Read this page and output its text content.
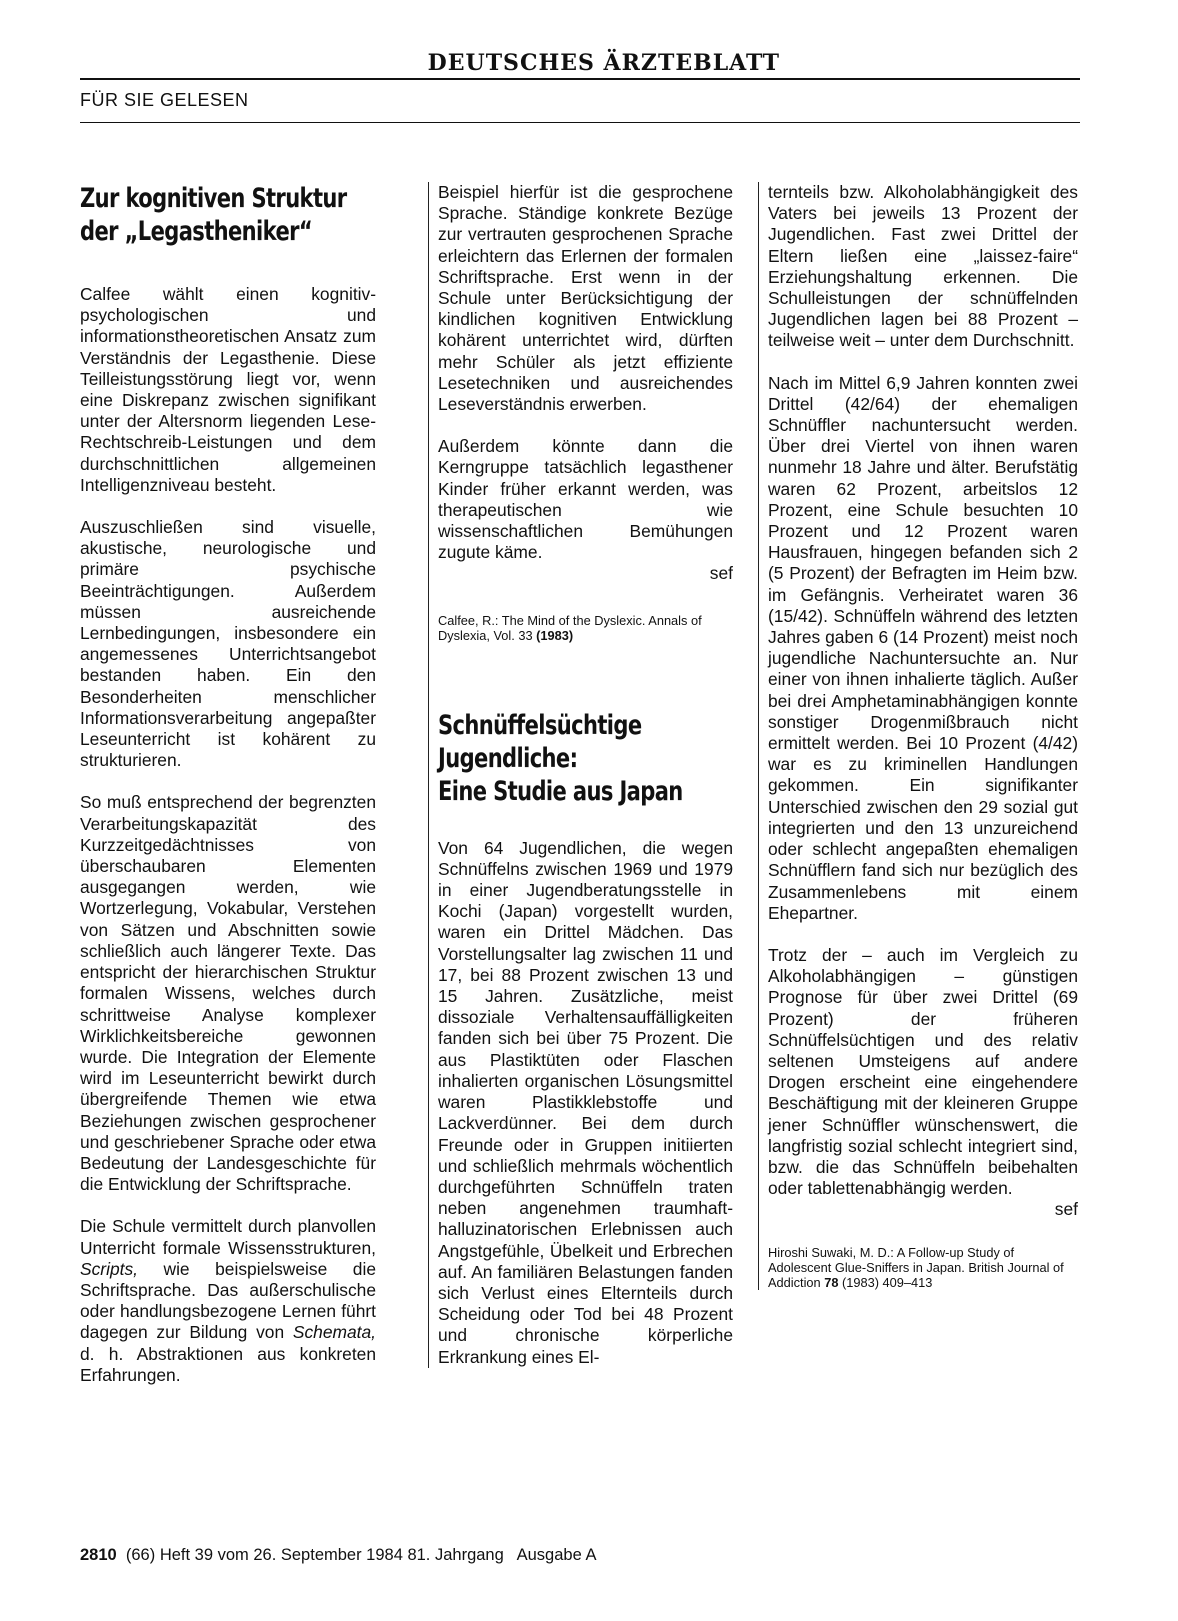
DEUTSCHES ÄRZTEBLATT
FÜR SIE GELESEN
Zur kognitiven Struktur
der „Legastheniker“

Calfee wählt einen kognitiv-psychologischen und informationstheoretischen Ansatz zum Verständnis der Legasthenie. Diese Teilleistungsstörung liegt vor, wenn eine Diskrepanz zwischen signifikant unter der Altersnorm liegenden Lese-Rechtschreib-Leistungen und dem durchschnittlichen allgemeinen Intelligenzniveau besteht.

Auszuschließen sind visuelle, akustische, neurologische und primäre psychische Beeinträchtigungen. Außerdem müssen ausreichende Lernbedingungen, insbesondere ein angemessenes Unterrichtsangebot bestanden haben. Ein den Besonderheiten menschlicher Informationsverarbeitung angepaßter Leseunterricht ist kohärent zu strukturieren.

So muß entsprechend der begrenzten Verarbeitungskapazität des Kurzzeitgedächtnisses von überschaubaren Elementen ausgegangen werden, wie Wortzerlegung, Vokabular, Verstehen von Sätzen und Abschnitten sowie schließlich auch längerer Texte. Das entspricht der hierarchischen Struktur formalen Wissens, welches durch schrittweise Analyse komplexer Wirklichkeitsbereiche gewonnen wurde. Die Integration der Elemente wird im Leseunterricht bewirkt durch übergreifende Themen wie etwa Beziehungen zwischen gesprochener und geschriebener Sprache oder etwa Bedeutung der Landesgeschichte für die Entwicklung der Schriftsprache.

Die Schule vermittelt durch planvollen Unterricht formale Wissensstrukturen, Scripts, wie beispielsweise die Schriftsprache. Das außerschulische oder handlungsbezogene Lernen führt dagegen zur Bildung von Schemata, d. h. Abstraktionen aus konkreten Erfahrungen.

Beispiel hierfür ist die gesprochene Sprache. Ständige konkrete Bezüge zur vertrauten gesprochenen Sprache erleichtern das Erlernen der formalen Schriftsprache. Erst wenn in der Schule unter Berücksichtigung der kindlichen kognitiven Entwicklung kohärent unterrichtet wird, dürften mehr Schüler als jetzt effiziente Lesetechniken und ausreichendes Leseverständnis erwerben.

Außerdem könnte dann die Kerngruppe tatsächlich legasthener Kinder früher erkannt werden, was therapeutischen wie wissenschaftlichen Bemühungen zugute käme.
sef

Calfee, R.: The Mind of the Dyslexic. Annals of Dyslexia, Vol. 33 (1983)
Schnüffelsüchtige
Jugendliche:
Eine Studie aus Japan

Von 64 Jugendlichen, die wegen Schnüffelns zwischen 1969 und 1979 in einer Jugendberatungsstelle in Kochi (Japan) vorgestellt wurden, waren ein Drittel Mädchen. Das Vorstellungsalter lag zwischen 11 und 17, bei 88 Prozent zwischen 13 und 15 Jahren. Zusätzliche, meist dissoziale Verhaltensauffälligkeiten fanden sich bei über 75 Prozent. Die aus Plastiktüten oder Flaschen inhalierten organischen Lösungsmittel waren Plastikklebstoffe und Lackverdünner. Bei dem durch Freunde oder in Gruppen initiierten und schließlich mehrmals wöchentlich durchgeführten Schnüffeln traten neben angenehmen traumhaft-halluzinatorischen Erlebnissen auch Angstgefühle, Übelkeit und Erbrechen auf. An familiären Belastungen fanden sich Verlust eines Elternteils durch Scheidung oder Tod bei 48 Prozent und chronische körperliche Erkrankung eines El-

ternteils bzw. Alkoholabhängigkeit des Vaters bei jeweils 13 Prozent der Jugendlichen. Fast zwei Drittel der Eltern ließen eine „laissez-faire“ Erziehungshaltung erkennen. Die Schulleistungen der schnüffelnden Jugendlichen lagen bei 88 Prozent – teilweise weit – unter dem Durchschnitt.

Nach im Mittel 6,9 Jahren konnten zwei Drittel (42/64) der ehemaligen Schnüffler nachuntersucht werden. Über drei Viertel von ihnen waren nunmehr 18 Jahre und älter. Berufstätig waren 62 Prozent, arbeitslos 12 Prozent, eine Schule besuchten 10 Prozent und 12 Prozent waren Hausfrauen, hingegen befanden sich 2 (5 Prozent) der Befragten im Heim bzw. im Gefängnis. Verheiratet waren 36 (15/42). Schnüffeln während des letzten Jahres gaben 6 (14 Prozent) meist noch jugendliche Nachuntersuchte an. Nur einer von ihnen inhalierte täglich. Außer bei drei Amphetaminabhängigen konnte sonstiger Drogenmißbrauch nicht ermittelt werden. Bei 10 Prozent (4/42) war es zu kriminellen Handlungen gekommen. Ein signifikanter Unterschied zwischen den 29 sozial gut integrierten und den 13 unzureichend oder schlecht angepaßten ehemaligen Schnüfflern fand sich nur bezüglich des Zusammenlebens mit einem Ehepartner.

Trotz der – auch im Vergleich zu Alkoholabhängigen – günstigen Prognose für über zwei Drittel (69 Prozent) der früheren Schnüffelsüchtigen und des relativ seltenen Umsteigens auf andere Drogen erscheint eine eingehendere Beschäftigung mit der kleineren Gruppe jener Schnüffler wünschenswert, die langfristig sozial schlecht integriert sind, bzw. die das Schnüffeln beibehalten oder tablettenabhängig werden.
sef

Hiroshi Suwaki, M. D.: A Follow-up Study of Adolescent Glue-Sniffers in Japan. British Journal of Addiction 78 (1983) 409–413
2810  (66) Heft 39 vom 26. September 1984 81. Jahrgang   Ausgabe A
